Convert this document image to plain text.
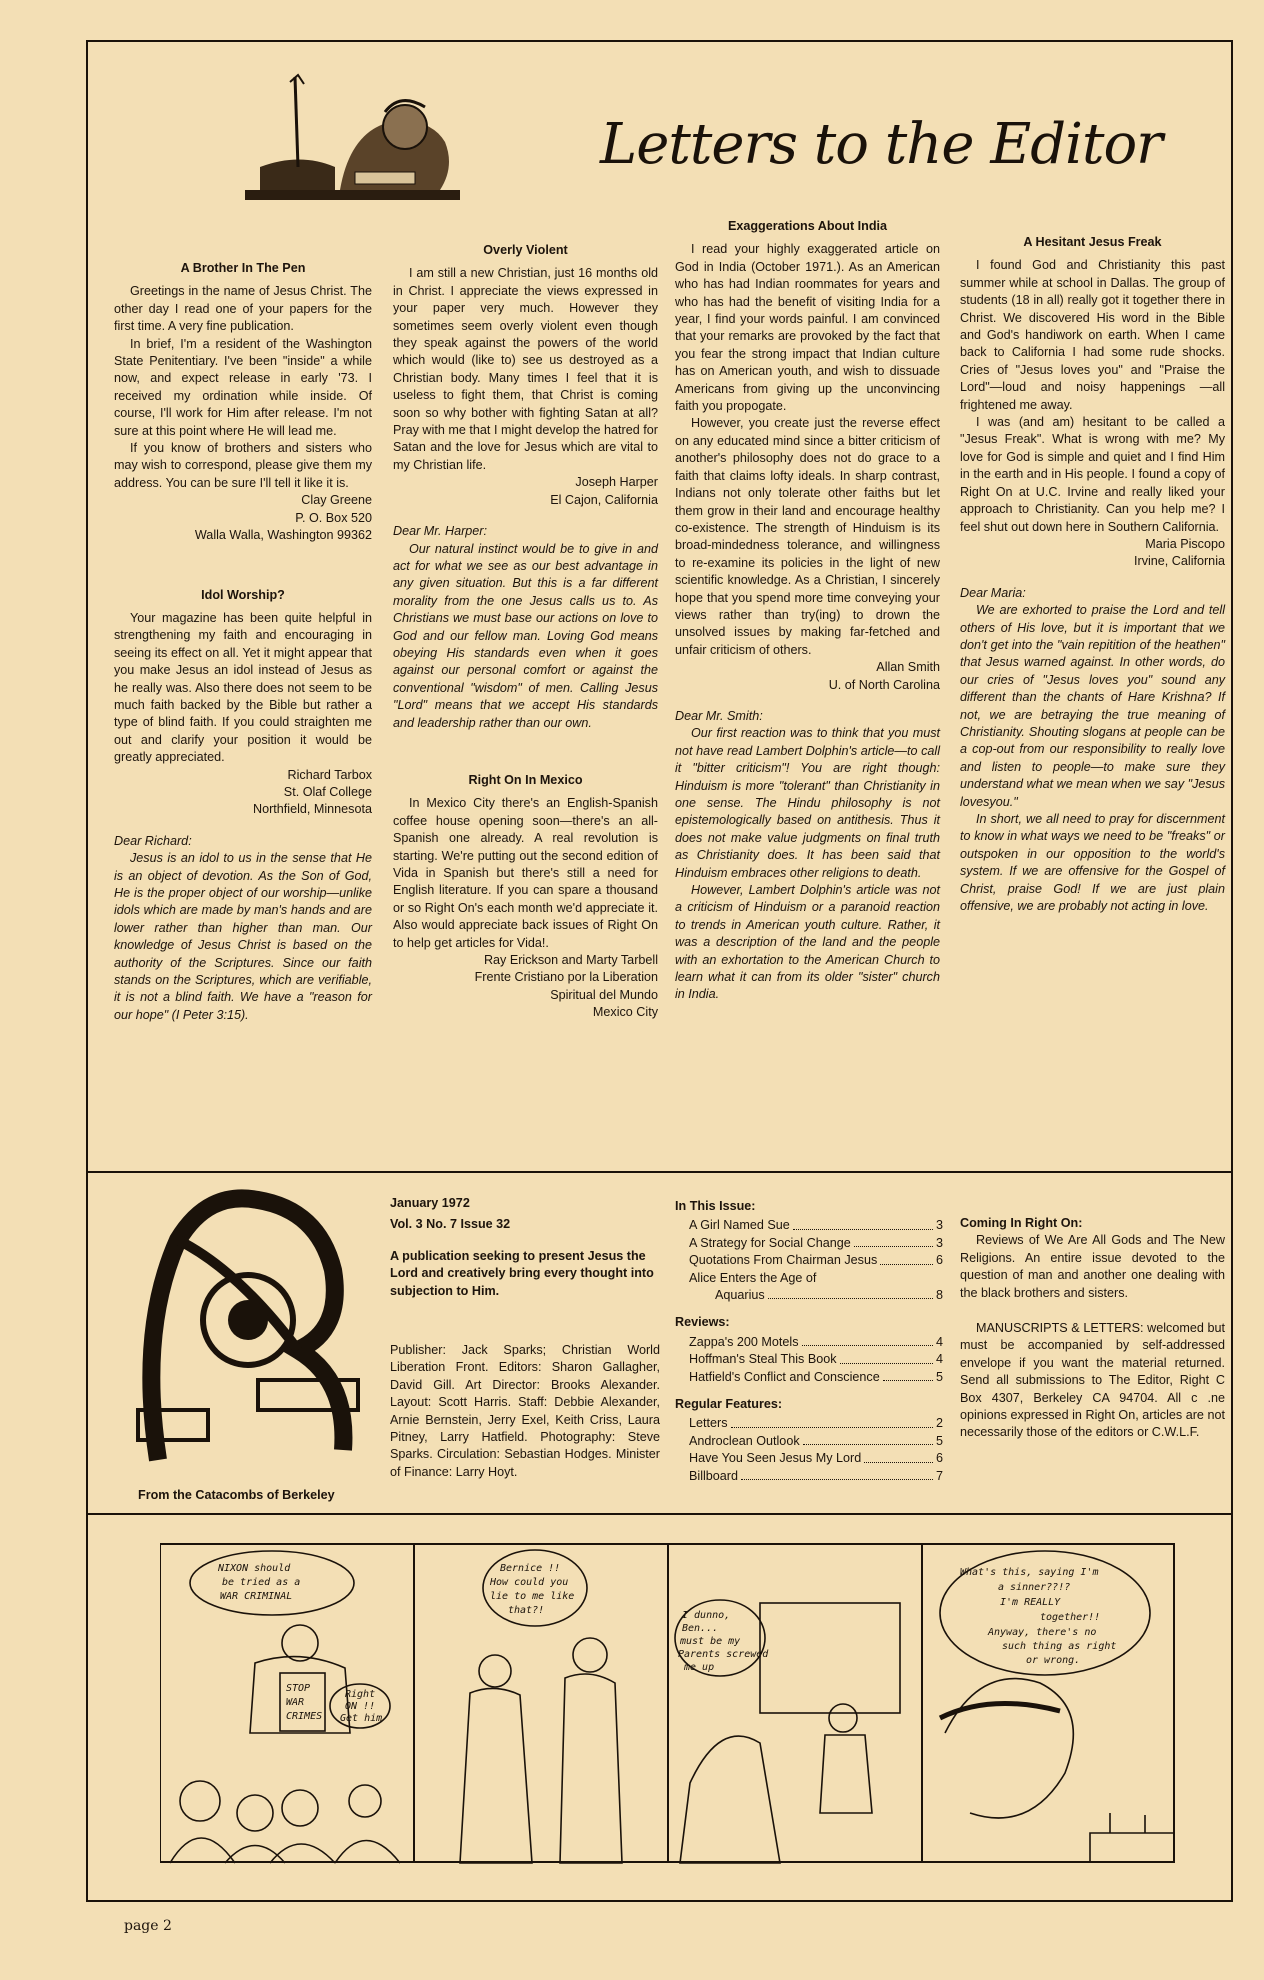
Letters to the Editor
A Brother In The Pen

Greetings in the name of Jesus Christ. The other day I read one of your papers for the first time. A very fine publication.

In brief, I'm a resident of the Washington State Penitentiary. I've been "inside" a while now, and expect release in early '73. I received my ordination while inside. Of course, I'll work for Him after release. I'm not sure at this point where He will lead me.

If you know of brothers and sisters who may wish to correspond, please give them my address. You can be sure I'll tell it like it is.

Clay Greene

P. O. Box 520

Walla Walla, Washington 99362

Idol Worship?

Your magazine has been quite helpful in strengthening my faith and encouraging in seeing its effect on all. Yet it might appear that you make Jesus an idol instead of Jesus as he really was. Also there does not seem to be much faith backed by the Bible but rather a type of blind faith. If you could straighten me out and clarify your position it would be greatly appreciated.

Richard Tarbox

St. Olaf College

Northfield, Minnesota

Dear Richard:

Jesus is an idol to us in the sense that He is an object of devotion. As the Son of God, He is the proper object of our worship—unlike idols which are made by man's hands and are lower rather than higher than man. Our knowledge of Jesus Christ is based on the authority of the Scriptures. Since our faith stands on the Scriptures, which are verifiable, it is not a blind faith. We have a "reason for our hope" (I Peter 3:15).

Overly Violent

I am still a new Christian, just 16 months old in Christ. I appreciate the views expressed in your paper very much. However they sometimes seem overly violent even though they speak against the powers of the world which would (like to) see us destroyed as a Christian body. Many times I feel that it is useless to fight them, that Christ is coming soon so why bother with fighting Satan at all? Pray with me that I might develop the hatred for Satan and the love for Jesus which are vital to my Christian life.

Joseph Harper

El Cajon, California

Dear Mr. Harper:

Our natural instinct would be to give in and act for what we see as our best advantage in any given situation. But this is a far different morality from the one Jesus calls us to. As Christians we must base our actions on love to God and our fellow man. Loving God means obeying His standards even when it goes against our personal comfort or against the conventional "wisdom" of men. Calling Jesus "Lord" means that we accept His standards and leadership rather than our own.

Right On In Mexico

In Mexico City there's an English-Spanish coffee house opening soon—there's an all-Spanish one already. A real revolution is starting. We're putting out the second edition of Vida in Spanish but there's still a need for English literature. If you can spare a thousand or so Right On's each month we'd appreciate it. Also would appreciate back issues of Right On to help get articles for Vida!.

Ray Erickson and Marty Tarbell

Frente Cristiano por la Liberation

Spiritual del Mundo

Mexico City

Exaggerations About India

I read your highly exaggerated article on God in India (October 1971.). As an American who has had Indian roommates for years and who has had the benefit of visiting India for a year, I find your words painful. I am convinced that your remarks are provoked by the fact that you fear the strong impact that Indian culture has on American youth, and wish to dissuade Americans from giving up the unconvincing faith you propogate.

However, you create just the reverse effect on any educated mind since a bitter criticism of another's philosophy does not do grace to a faith that claims lofty ideals. In sharp contrast, Indians not only tolerate other faiths but let them grow in their land and encourage healthy co-existence. The strength of Hinduism is its broad-mindedness tolerance, and willingness to re-examine its policies in the light of new scientific knowledge. As a Christian, I sincerely hope that you spend more time conveying your views rather than try(ing) to drown the unsolved issues by making far-fetched and unfair criticism of others.

Allan Smith

U. of North Carolina

Dear Mr. Smith:

Our first reaction was to think that you must not have read Lambert Dolphin's article—to call it "bitter criticism"! You are right though: Hinduism is more "tolerant" than Christianity in one sense. The Hindu philosophy is not epistemologically based on antithesis. Thus it does not make value judgments on final truth as Christianity does. It has been said that Hinduism embraces other religions to death.

However, Lambert Dolphin's article was not a criticism of Hinduism or a paranoid reaction to trends in American youth culture. Rather, it was a description of the land and the people with an exhortation to the American Church to learn what it can from its older "sister" church in India.

A Hesitant Jesus Freak

I found God and Christianity this past summer while at school in Dallas. The group of students (18 in all) really got it together there in Christ. We discovered His word in the Bible and God's handiwork on earth. When I came back to California I had some rude shocks. Cries of "Jesus loves you" and "Praise the Lord"—loud and noisy happenings —all frightened me away.

I was (and am) hesitant to be called a "Jesus Freak". What is wrong with me? My love for God is simple and quiet and I find Him in the earth and in His people. I found a copy of Right On at U.C. Irvine and really liked your approach to Christianity. Can you help me? I feel shut out down here in Southern California.

Maria Piscopo

Irvine, California

Dear Maria:

We are exhorted to praise the Lord and tell others of His love, but it is important that we don't get into the "vain repitition of the heathen" that Jesus warned against. In other words, do our cries of "Jesus loves you" sound any different than the chants of Hare Krishna? If not, we are betraying the true meaning of Christianity. Shouting slogans at people can be a cop-out from our responsibility to really love and listen to people—to make sure they understand what we mean when we say "Jesus lovesyou."

In short, we all need to pray for discernment to know in what ways we need to be "freaks" or outspoken in our opposition to the world's system. If we are offensive for the Gospel of Christ, praise God! If we are just plain offensive, we are probably not acting in love.

From the Catacombs of Berkeley
January 1972
Vol. 3 No. 7 Issue 32
A publication seeking to present Jesus the Lord and creatively bring every thought into subjection to Him.
Publisher: Jack Sparks; Christian World Liberation Front. Editors: Sharon Gallagher, David Gill. Art Director: Brooks Alexander. Layout: Scott Harris. Staff: Debbie Alexander, Arnie Bernstein, Jerry Exel, Keith Criss, Laura Pitney, Larry Hatfield. Photography: Steve Sparks. Circulation: Sebastian Hodges. Minister of Finance: Larry Hoyt.
In This Issue:
A Girl Named Sue	3
A Strategy for Social Change	3
Quotations From Chairman Jesus	6
Alice Enters the Age of
Aquarius	8
Reviews:
Zappa's 200 Motels	4
Hoffman's Steal This Book	4
Hatfield's Conflict and Conscience	5
Regular Features:
Letters	2
Androclean Outlook	5
Have You Seen Jesus My Lord	6
Billboard	7
Coming In Right On:

Reviews of We Are All Gods and The New Religions. An entire issue devoted to the question of man and another one dealing with the black brothers and sisters.

MANUSCRIPTS & LETTERS: welcomed but must be accompanied by self-addressed envelope if you want the material returned. Send all submissions to The Editor, Right C Box 4307, Berkeley CA 94704. All c .ne opinions expressed in Right On, articles are not necessarily those of the editors or C.W.L.F.

NIXON should
be tried as a
WAR CRIMINAL
STOP
WAR
CRIMES
Right
ON !!
Get him
Bernice !!
How could you
lie to me like
that?!	I dunno,
Ben...
must be my
Parents screwed
me up
What's this, saying I'm
a sinner??!?
I'm REALLY
together!!
Anyway, there's no
such thing as right
or wrong.
page 2
